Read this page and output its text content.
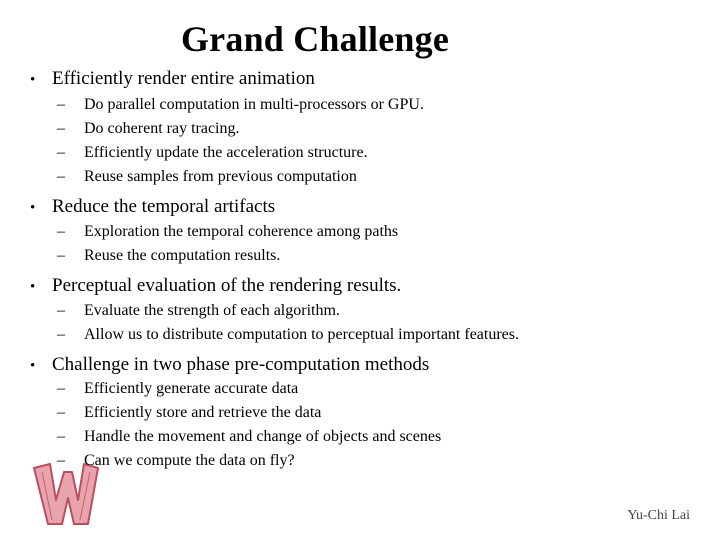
Grand Challenge
• Efficiently render entire animation
– Do parallel computation in multi-processors or GPU.
– Do coherent ray tracing.
– Efficiently update the acceleration structure.
– Reuse samples from previous computation
• Reduce the temporal artifacts
– Exploration the temporal coherence among paths
– Reuse the computation results.
• Perceptual evaluation of the rendering results.
– Evaluate the strength of each algorithm.
– Allow us to distribute computation to perceptual important features.
• Challenge in two phase pre-computation methods
– Efficiently generate accurate data
– Efficiently store and retrieve the data
– Handle the movement and change of objects and scenes
– Can we compute the data on fly?
Yu-Chi Lai
